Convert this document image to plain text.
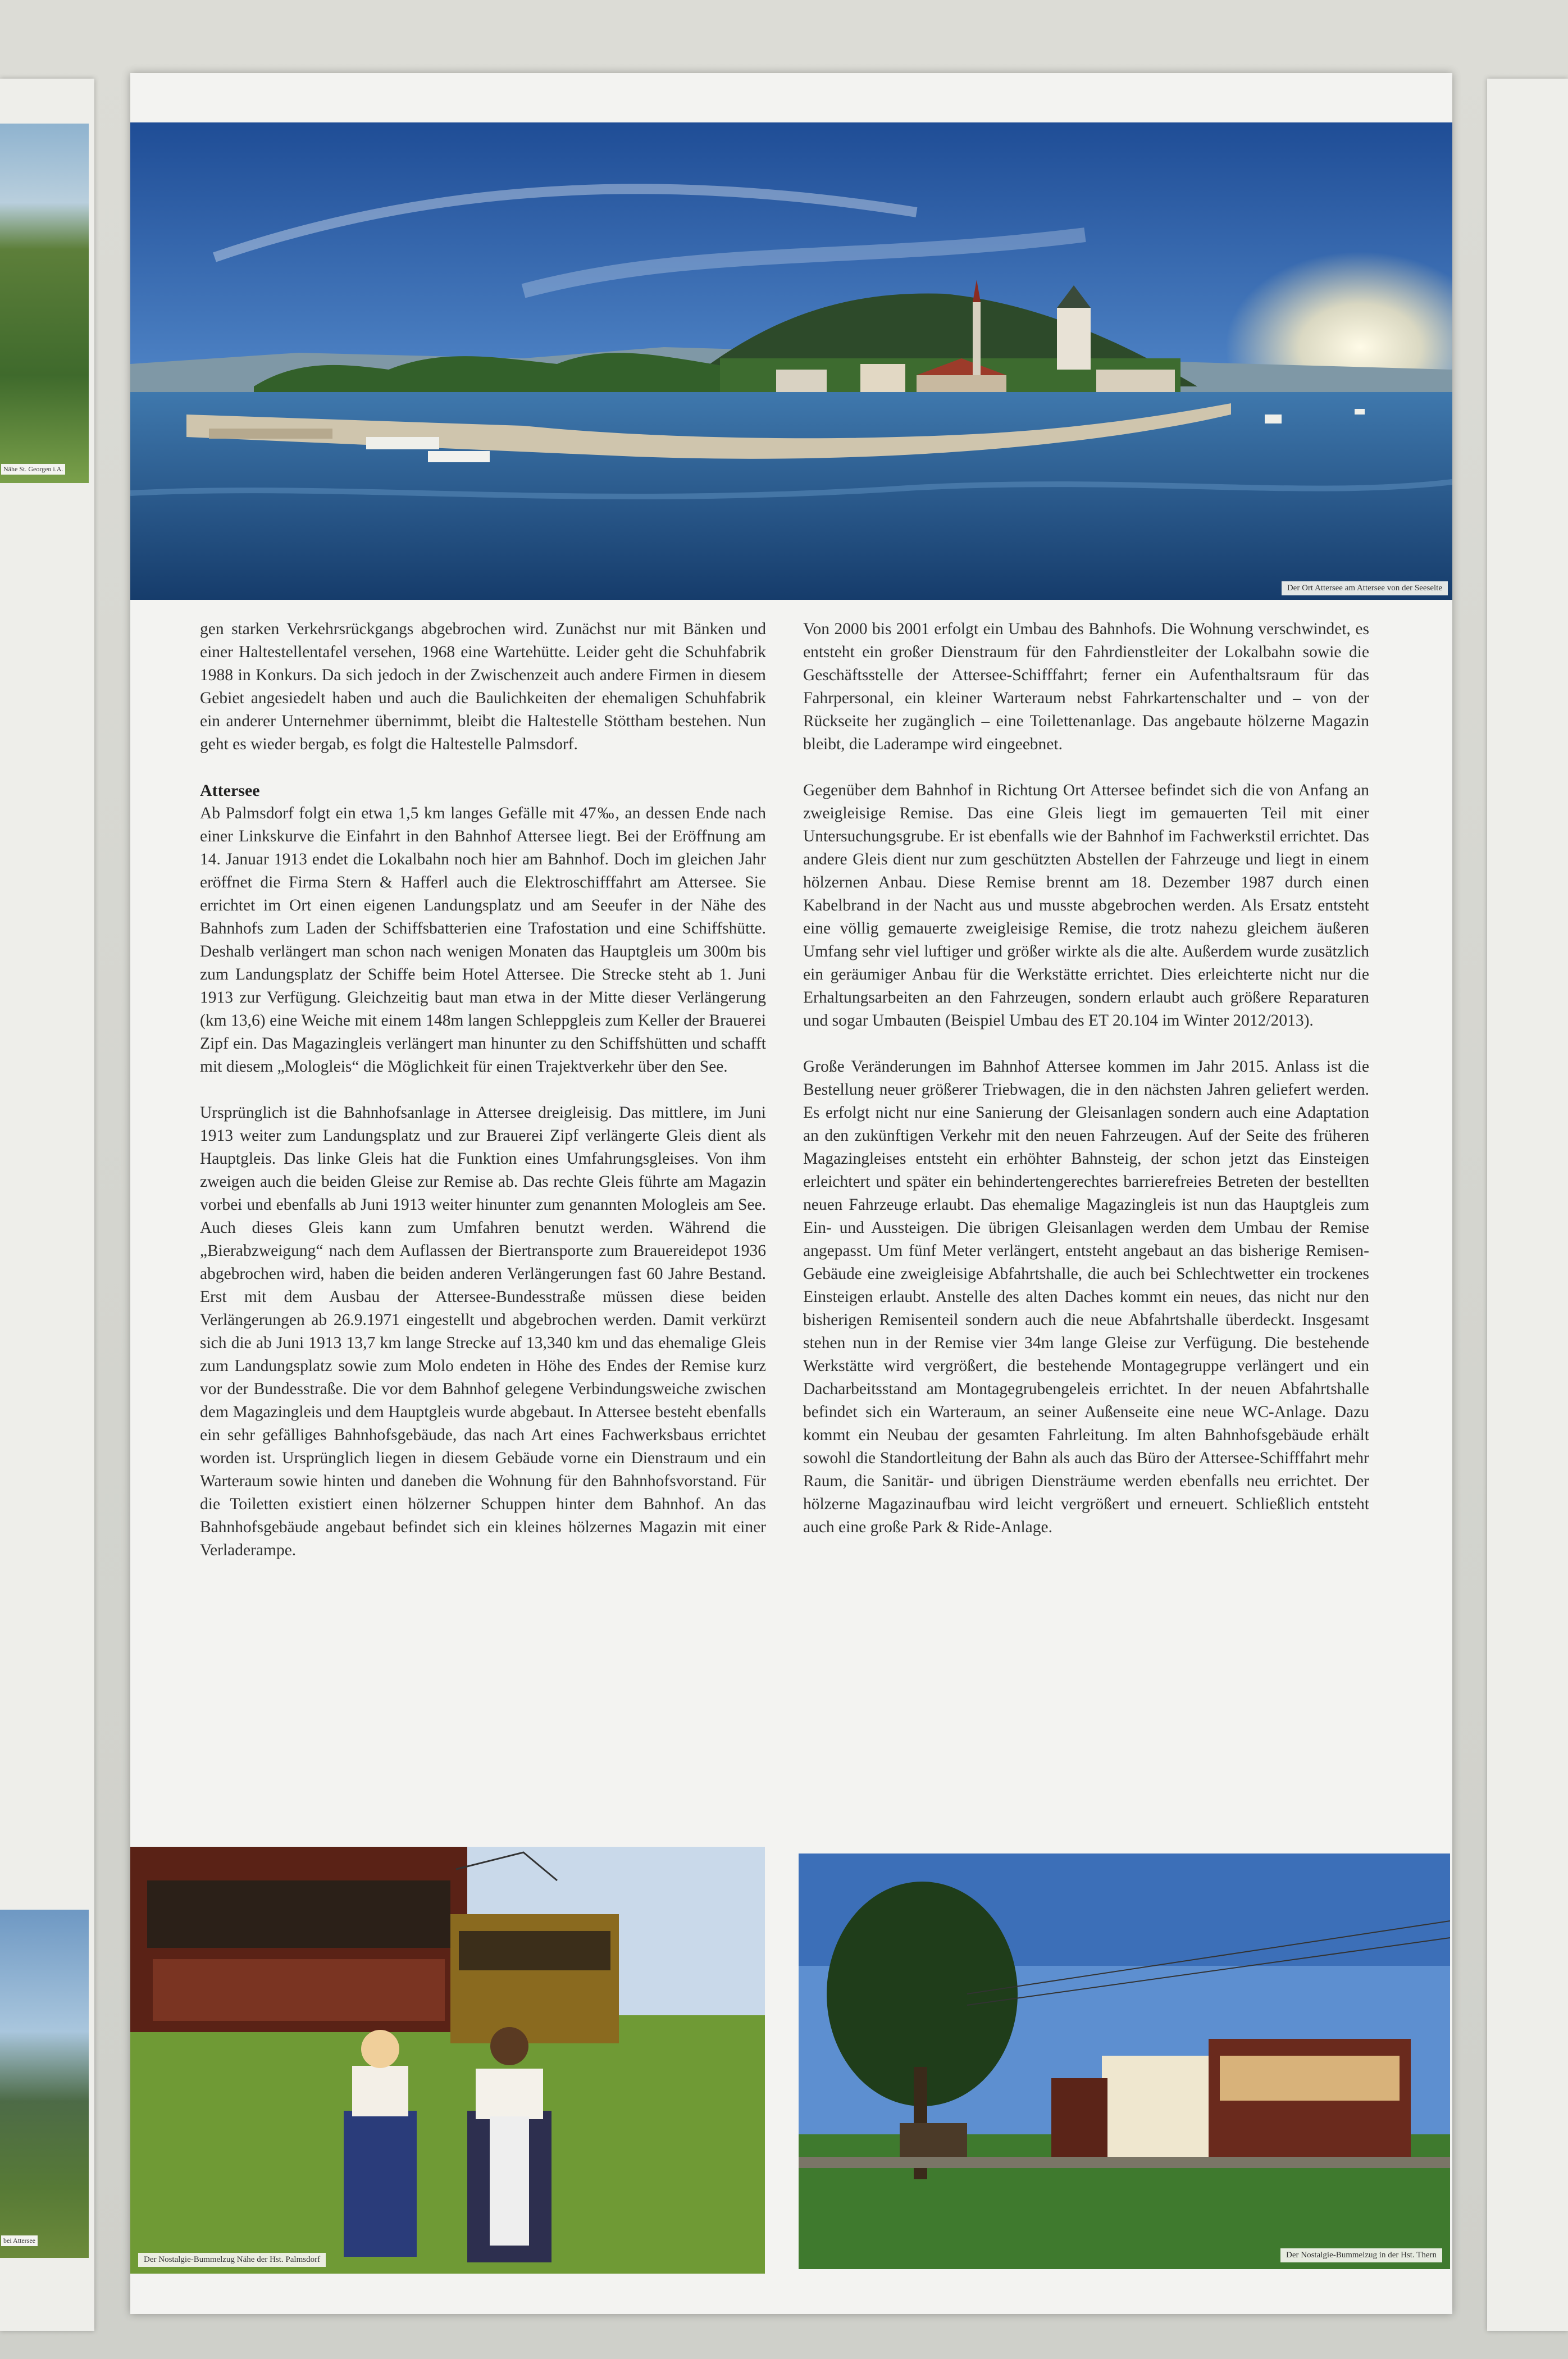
Nähe St. Georgen i.A.
bei Attersee
Der Ort Attersee am Attersee von der Seeseite

gen starken Verkehrsrückgangs abgebrochen wird. Zunächst nur mit Bänken und einer Haltestellentafel versehen, 1968 eine Wartehütte. Leider geht die Schuhfabrik 1988 in Konkurs. Da sich jedoch in der Zwischenzeit auch andere Firmen in diesem Gebiet angesiedelt haben und auch die Baulichkeiten der ehemaligen Schuhfabrik ein anderer Unternehmer übernimmt, bleibt die Haltestelle Stöttham bestehen. Nun geht es wieder bergab, es folgt die Haltestelle Palmsdorf.

Attersee

Ab Palmsdorf folgt ein etwa 1,5 km langes Gefälle mit 47‰, an dessen Ende nach einer Linkskurve die Einfahrt in den Bahnhof Attersee liegt. Bei der Eröffnung am 14. Januar 1913 endet die Lokalbahn noch hier am Bahnhof. Doch im gleichen Jahr eröffnet die Firma Stern & Hafferl auch die Elektroschifffahrt am Attersee. Sie errichtet im Ort einen eigenen Landungsplatz und am Seeufer in der Nähe des Bahnhofs zum Laden der Schiffsbatterien eine Trafostation und eine Schiffshütte. Deshalb verlängert man schon nach wenigen Monaten das Hauptgleis um 300m bis zum Landungsplatz der Schiffe beim Hotel Attersee. Die Strecke steht ab 1. Juni 1913 zur Verfügung. Gleichzeitig baut man etwa in der Mitte dieser Verlängerung (km 13,6) eine Weiche mit einem 148m langen Schleppgleis zum Keller der Brauerei Zipf ein. Das Magazingleis verlängert man hinunter zu den Schiffshütten und schafft mit diesem „Mologleis“ die Möglichkeit für einen Trajektverkehr über den See.

Ursprünglich ist die Bahnhofsanlage in Attersee dreigleisig. Das mittlere, im Juni 1913 weiter zum Landungsplatz und zur Brauerei Zipf verlängerte Gleis dient als Hauptgleis. Das linke Gleis hat die Funktion eines Umfahrungsgleises. Von ihm zweigen auch die beiden Gleise zur Remise ab. Das rechte Gleis führte am Magazin vorbei und ebenfalls ab Juni 1913 weiter hinunter zum genannten Mologleis am See. Auch dieses Gleis kann zum Umfahren benutzt werden. Während die „Bierabzweigung“ nach dem Auflassen der Biertransporte zum Brauereidepot 1936 abgebrochen wird, haben die beiden anderen Verlängerungen fast 60 Jahre Bestand. Erst mit dem Ausbau der Attersee-Bundesstraße müssen diese beiden Verlängerungen ab 26.9.1971 eingestellt und abgebrochen werden. Damit verkürzt sich die ab Juni 1913 13,7 km lange Strecke auf 13,340 km und das ehemalige Gleis zum Landungsplatz sowie zum Molo endeten in Höhe des Endes der Remise kurz vor der Bundesstraße. Die vor dem Bahnhof gelegene Verbindungsweiche zwischen dem Magazingleis und dem Hauptgleis wurde abgebaut. In Attersee besteht ebenfalls ein sehr gefälliges Bahnhofsgebäude, das nach Art eines Fachwerksbaus errichtet worden ist. Ursprünglich liegen in diesem Gebäude vorne ein Dienstraum und ein Warteraum sowie hinten und daneben die Wohnung für den Bahnhofsvorstand. Für die Toiletten existiert einen hölzerner Schuppen hinter dem Bahnhof. An das Bahnhofsgebäude angebaut befindet sich ein kleines hölzernes Magazin mit einer Verladerampe.

Von 2000 bis 2001 erfolgt ein Umbau des Bahnhofs. Die Wohnung verschwindet, es entsteht ein großer Dienstraum für den Fahrdienstleiter der Lokalbahn sowie die Geschäftsstelle der Attersee-Schifffahrt; ferner ein Aufenthaltsraum für das Fahrpersonal, ein kleiner Warteraum nebst Fahrkartenschalter und – von der Rückseite her zugänglich – eine Toilettenanlage. Das angebaute hölzerne Magazin bleibt, die Laderampe wird eingeebnet.

Gegenüber dem Bahnhof in Richtung Ort Attersee befindet sich die von Anfang an zweigleisige Remise. Das eine Gleis liegt im gemauerten Teil mit einer Untersuchungsgrube. Er ist ebenfalls wie der Bahnhof im Fachwerkstil errichtet. Das andere Gleis dient nur zum geschützten Abstellen der Fahrzeuge und liegt in einem hölzernen Anbau. Diese Remise brennt am 18. Dezember 1987 durch einen Kabelbrand in der Nacht aus und musste abgebrochen werden. Als Ersatz entsteht eine völlig gemauerte zweigleisige Remise, die trotz nahezu gleichem äußeren Umfang sehr viel luftiger und größer wirkte als die alte. Außerdem wurde zusätzlich ein geräumiger Anbau für die Werkstätte errichtet. Dies erleichterte nicht nur die Erhaltungsarbeiten an den Fahrzeugen, sondern erlaubt auch größere Reparaturen und sogar Umbauten (Beispiel Umbau des ET 20.104 im Winter 2012/2013).

Große Veränderungen im Bahnhof Attersee kommen im Jahr 2015. Anlass ist die Bestellung neuer größerer Triebwagen, die in den nächsten Jahren geliefert werden. Es erfolgt nicht nur eine Sanierung der Gleisanlagen sondern auch eine Adaptation an den zukünftigen Verkehr mit den neuen Fahrzeugen. Auf der Seite des früheren Magazingleises entsteht ein erhöhter Bahnsteig, der schon jetzt das Einsteigen erleichtert und später ein behindertengerechtes barrierefreies Betreten der bestellten neuen Fahrzeuge erlaubt. Das ehemalige Magazingleis ist nun das Hauptgleis zum Ein- und Aussteigen. Die übrigen Gleisanlagen werden dem Umbau der Remise angepasst. Um fünf Meter verlängert, entsteht angebaut an das bisherige Remisen-Gebäude eine zweigleisige Abfahrtshalle, die auch bei Schlechtwetter ein trockenes Einsteigen erlaubt. Anstelle des alten Daches kommt ein neues, das nicht nur den bisherigen Remisenteil sondern auch die neue Abfahrtshalle überdeckt. Insgesamt stehen nun in der Remise vier 34m lange Gleise zur Verfügung. Die bestehende Werkstätte wird vergrößert, die bestehende Montagegruppe verlängert und ein Dacharbeitsstand am Montagegrubengeleis errichtet. In der neuen Abfahrtshalle befindet sich ein Warteraum, an seiner Außenseite eine neue WC-Anlage. Dazu kommt ein Neubau der gesamten Fahrleitung. Im alten Bahnhofsgebäude erhält sowohl die Standortleitung der Bahn als auch das Büro der Attersee-Schifffahrt mehr Raum, die Sanitär- und übrigen Diensträume werden ebenfalls neu errichtet. Der hölzerne Magazinaufbau wird leicht vergrößert und erneuert. Schließlich entsteht auch eine große Park & Ride-Anlage.

Der Nostalgie-Bummelzug Nähe der Hst. Palmsdorf	Der Nostalgie-Bummelzug in der Hst. Thern
